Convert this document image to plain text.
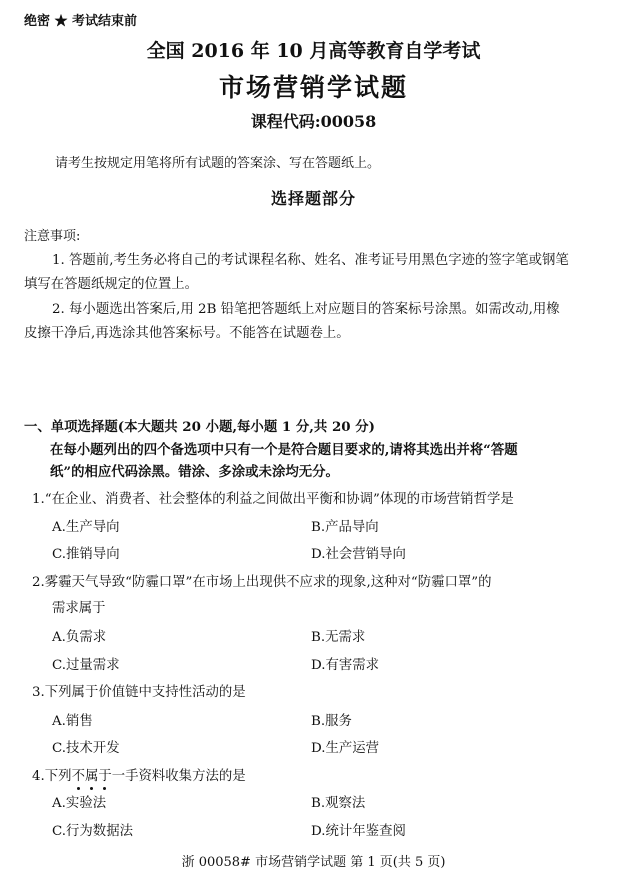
绝密 ★ 考试结束前
全国 2016 年 10 月高等教育自学考试
市场营销学试题
课程代码:00058
请考生按规定用笔将所有试题的答案涂、写在答题纸上。
选择题部分
注意事项:
1. 答题前,考生务必将自己的考试课程名称、姓名、准考证号用黑色字迹的签字笔或钢笔
填写在答题纸规定的位置上。
2. 每小题选出答案后,用 2B 铅笔把答题纸上对应题目的答案标号涂黑。如需改动,用橡
皮擦干净后,再选涂其他答案标号。不能答在试题卷上。
一、单项选择题(本大题共 20 小题,每小题 1 分,共 20 分)
在每小题列出的四个备选项中只有一个是符合题目要求的,请将其选出并将“答题
纸”的相应代码涂黑。错涂、多涂或未涂均无分。
1.“在企业、消费者、社会整体的利益之间做出平衡和协调”体现的市场营销哲学是
A.生产导向	B.产品导向
C.推销导向	D.社会营销导向
2.雾霾天气导致“防霾口罩”在市场上出现供不应求的现象,这种对“防霾口罩”的
需求属于
A.负需求	B.无需求
C.过量需求	D.有害需求
3.下列属于价值链中支持性活动的是
A.销售	B.服务
C.技术开发	D.生产运营
4.下列不属于
一手资料收集方法的是
A.实验法	B.观察法
C.行为数据法	D.统计年鉴查阅
浙 00058# 市场营销学试题 第 1 页(共 5 页)
